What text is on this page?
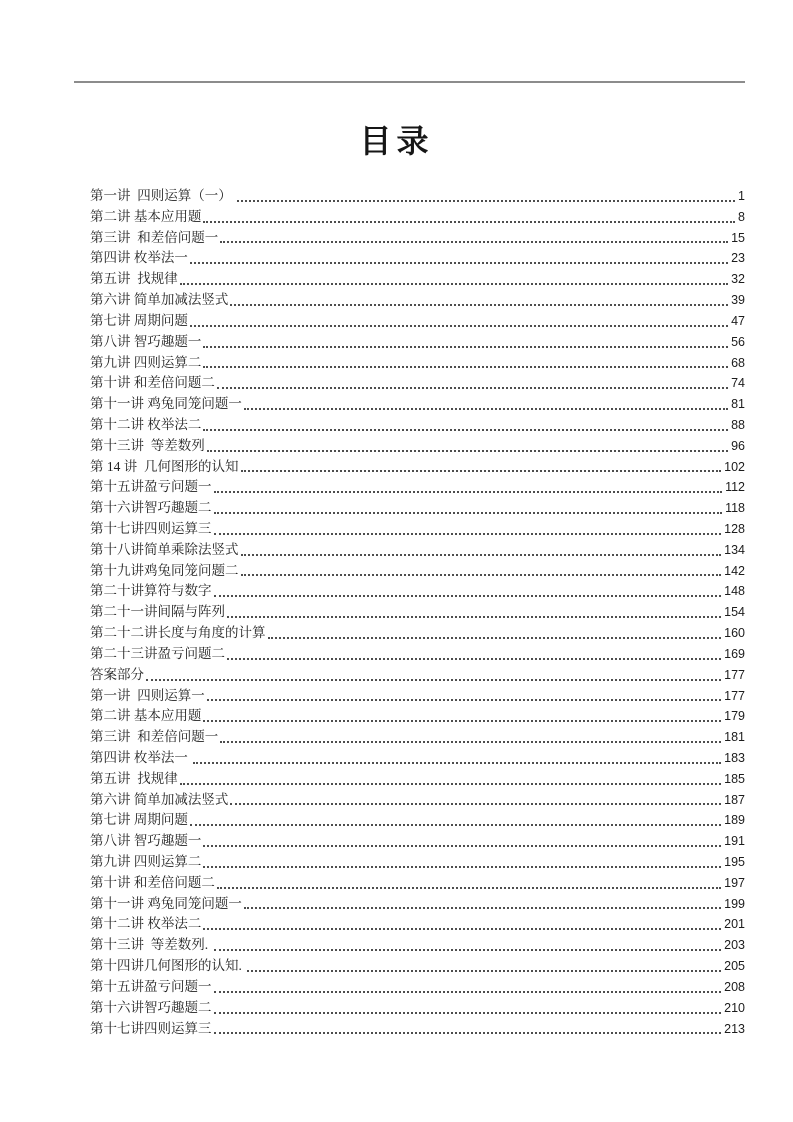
目录
第一讲  四则运算（一）	1
第二讲 基本应用题	8
第三讲  和差倍问题一	15
第四讲 枚举法一	23
第五讲  找规律	32
第六讲 简单加减法竖式	39
第七讲 周期问题	47
第八讲 智巧趣题一	56
第九讲 四则运算二	68
第十讲 和差倍问题二	74
第十一讲 鸡兔同笼问题一	81
第十二讲 枚举法二	88
第十三讲  等差数列	96
第 14 讲  几何图形的认知	102
第十五讲盈亏问题一	112
第十六讲智巧趣题二	118
第十七讲四则运算三	128
第十八讲简单乘除法竖式	134
第十九讲鸡兔同笼问题二	142
第二十讲算符与数字	148
第二十一讲间隔与阵列	154
第二十二讲长度与角度的计算	160
第二十三讲盈亏问题二	169
答案部分	177
第一讲  四则运算一	177
第二讲 基本应用题	179
第三讲  和差倍问题一	181
第四讲 枚举法一	183
第五讲  找规律	185
第六讲 简单加减法竖式	187
第七讲 周期问题	189
第八讲 智巧趣题一	191
第九讲 四则运算二	195
第十讲 和差倍问题二	197
第十一讲 鸡兔同笼问题一	199
第十二讲 枚举法二	201
第十三讲  等差数列.	203
第十四讲几何图形的认知.	205
第十五讲盈亏问题一	208
第十六讲智巧趣题二	210
第十七讲四则运算三	213
